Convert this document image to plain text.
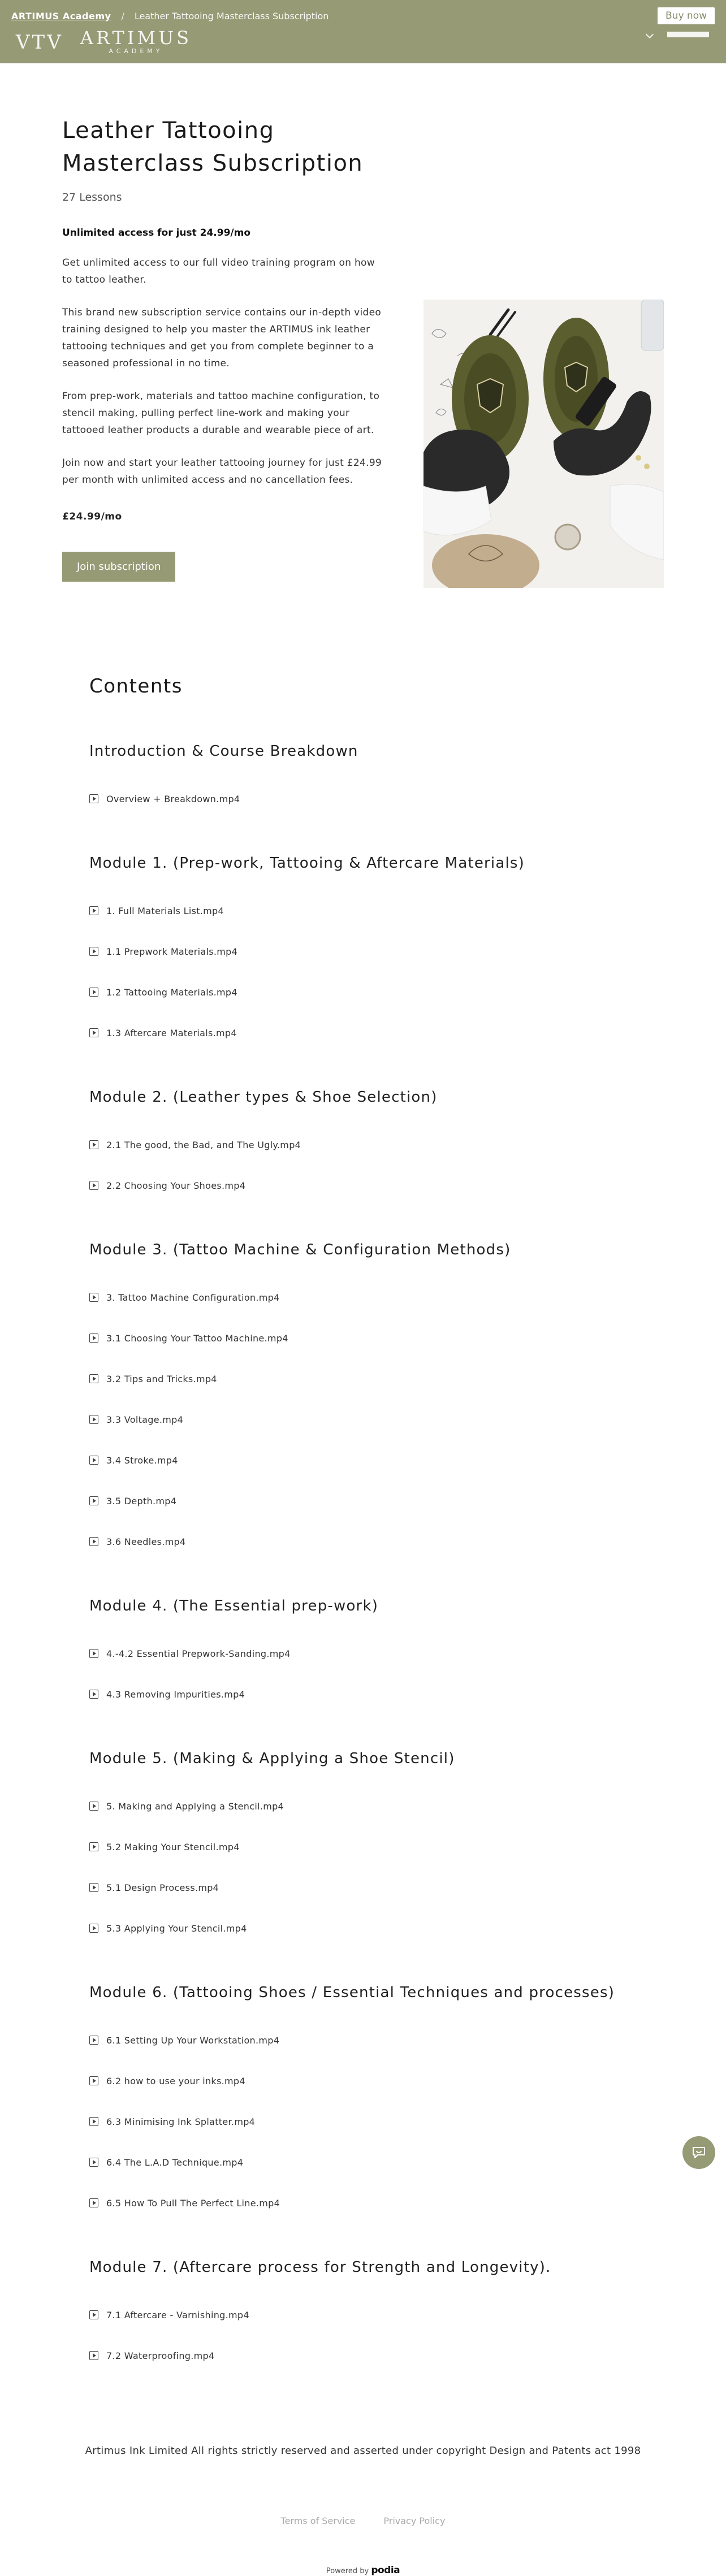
ARTIMUS Academy / Leather Tattooing Masterclass Subscription	Buy now
VTV ARTIMUS
ACADEMY
Leather Tattooing Masterclass Subscription
27 Lessons
Unlimited access for just 24.99/mo

Get unlimited access to our full video training program on how to tattoo leather.

This brand new subscription service contains our in-depth video training designed to help you master the ARTIMUS ink leather tattooing techniques and get you from complete beginner to a seasoned professional in no time.

From prep-work, materials and tattoo machine configuration, to stencil making, pulling perfect line-work and making your tattooed leather products a durable and wearable piece of art.

Join now and start your leather tattooing journey for just £24.99 per month with unlimited access and no cancellation fees.

£24.99/mo
Join subscription
Contents
Introduction & Course Breakdown
Overview + Breakdown.mp4
Module 1. (Prep-work, Tattooing & Aftercare Materials)
1. Full Materials List.mp4
1.1 Prepwork Materials.mp4
1.2 Tattooing Materials.mp4
1.3 Aftercare Materials.mp4
Module 2. (Leather types & Shoe Selection)
2.1 The good, the Bad, and The Ugly.mp4
2.2 Choosing Your Shoes.mp4
Module 3. (Tattoo Machine & Configuration Methods)
3. Tattoo Machine Configuration.mp4
3.1 Choosing Your Tattoo Machine.mp4
3.2 Tips and Tricks.mp4
3.3 Voltage.mp4
3.4 Stroke.mp4
3.5 Depth.mp4
3.6 Needles.mp4
Module 4. (The Essential prep-work)
4.-4.2 Essential Prepwork-Sanding.mp4
4.3 Removing Impurities.mp4
Module 5. (Making & Applying a Shoe Stencil)
5. Making and Applying a Stencil.mp4
5.2 Making Your Stencil.mp4
5.1 Design Process.mp4
5.3 Applying Your Stencil.mp4
Module 6. (Tattooing Shoes / Essential Techniques and processes)
6.1 Setting Up Your Workstation.mp4
6.2 how to use your inks.mp4
6.3 Minimising Ink Splatter.mp4
6.4 The L.A.D Technique.mp4
6.5 How To Pull The Perfect Line.mp4
Module 7. (Aftercare process for Strength and Longevity).
7.1 Aftercare - Varnishing.mp4
7.2 Waterproofing.mp4

Artimus Ink Limited All rights strictly reserved and asserted under copyright Design and Patents act 1998

Terms of Service	Privacy Policy
Powered by podia
